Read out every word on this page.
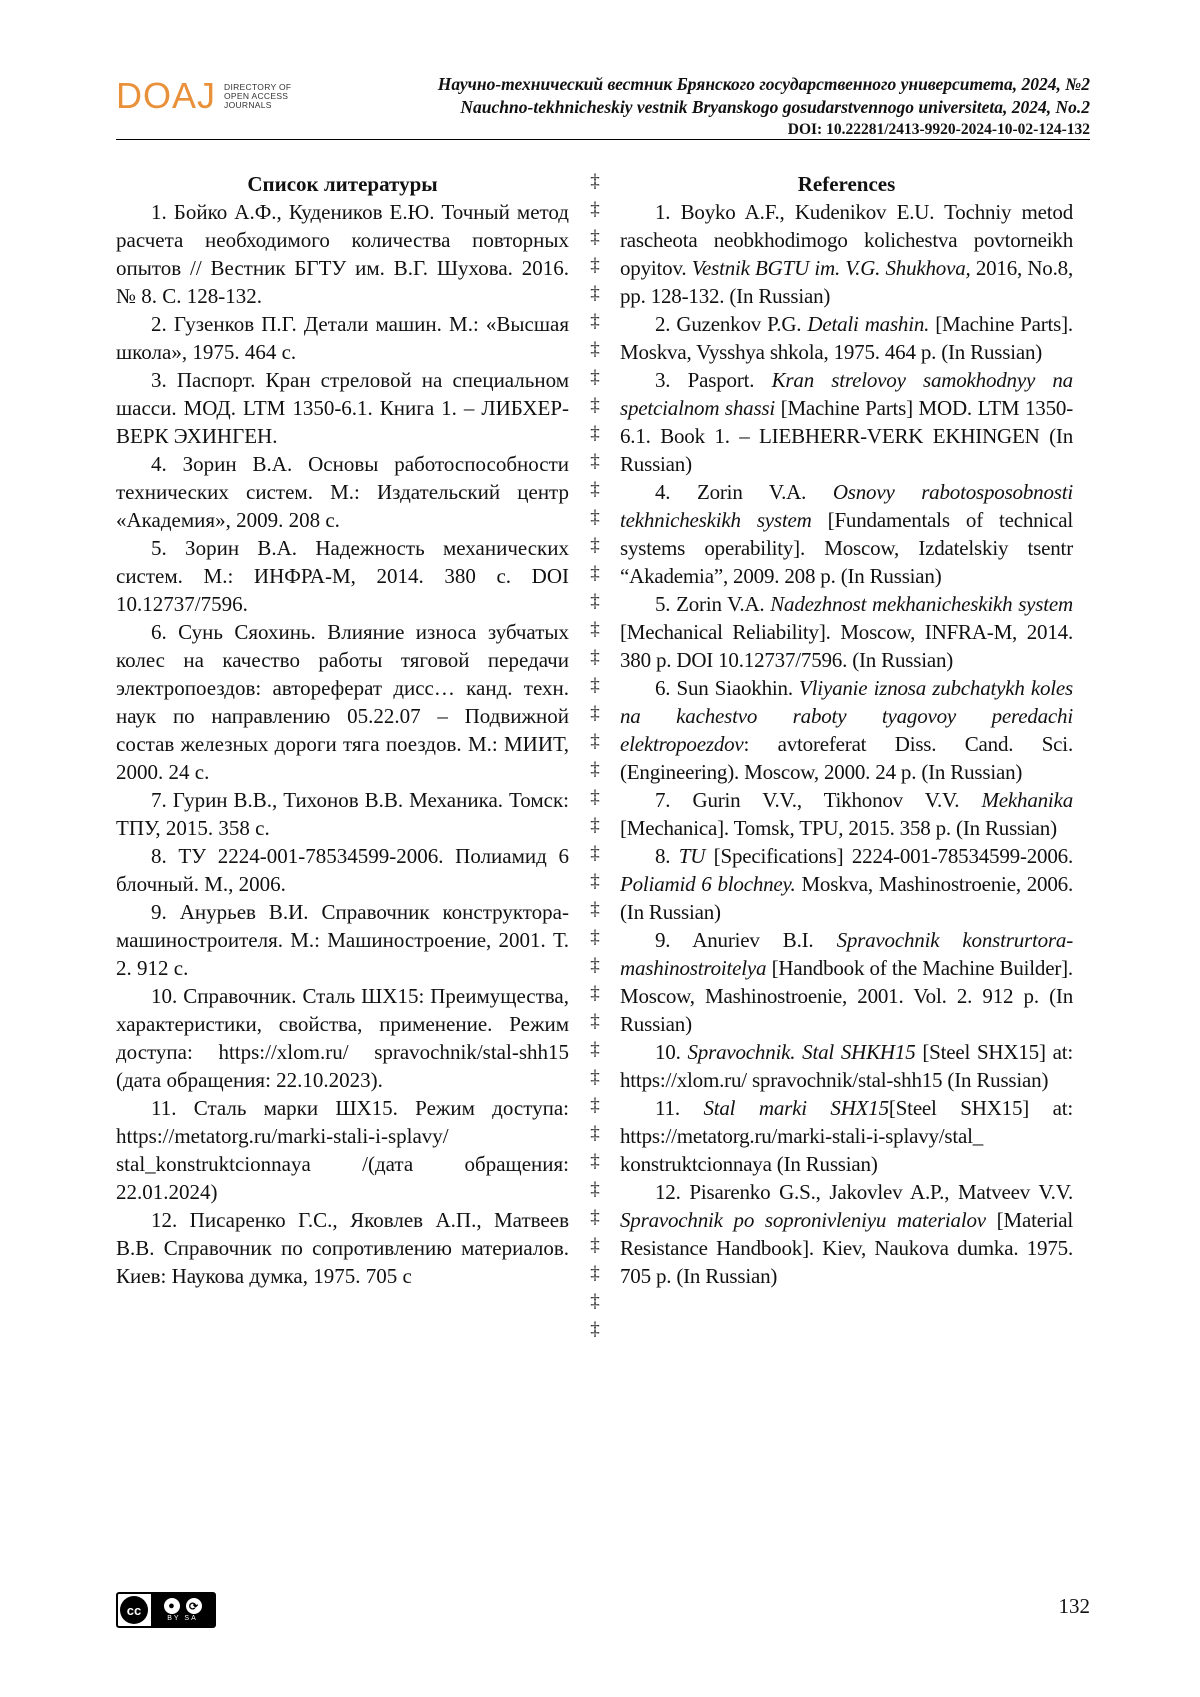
DOAJ DIRECTORY OF
OPEN ACCESS
JOURNALS
Научно-технический вестник Брянского государственного университета, 2024, №2
Nauchno-tekhnicheskiy vestnik Bryanskogo gosudarstvennogo universiteta, 2024, No.2
DOI: 10.22281/2413-9920-2024-10-02-124-132
Список литературы

1. Бойко А.Ф., Кудеников Е.Ю. Точный метод расчета необходимого количества повторных опытов // Вестник БГТУ им. В.Г. Шухова. 2016. № 8. С. 128-132.

2. Гузенков П.Г. Детали машин. М.: «Высшая школа», 1975. 464 с.

3. Паспорт. Кран стреловой на специальном шасси. МОД. LTM 1350-6.1. Книга 1. – ЛИБХЕР-ВЕРК ЭХИНГЕН.

4. Зорин В.А. Основы работоспособности технических систем. М.: Издательский центр «Академия», 2009. 208 с.

5. Зорин В.А. Надежность механических систем. М.: ИНФРА-М, 2014. 380 с. DOI 10.12737/7596.

6. Сунь Сяохинь. Влияние износа зубчатых колес на качество работы тяговой передачи электропоездов: автореферат дисс… канд. техн. наук по направлению 05.22.07 – Подвижной состав железных дороги тяга поездов. М.: МИИТ, 2000. 24 с.

7. Гурин В.В., Тихонов В.В. Механика. Томск: ТПУ, 2015. 358 с.

8. ТУ 2224-001-78534599-2006. Полиамид 6 блочный. М., 2006.

9. Анурьев В.И. Справочник конструктора-машиностроителя. М.: Машиностроение, 2001. Т. 2. 912 с.

10. Справочник. Сталь ШХ15: Преимущества, характеристики, свойства, применение. Режим доступа: https://xlom.ru/ spravochnik/stal-shh15 (дата обращения: 22.10.2023).

11. Сталь марки ШХ15. Режим доступа: https://metatorg.ru/marki-stali-i-splavy/ stal_konstruktcionnaya /(дата обращения: 22.01.2024)

12. Писаренко Г.С., Яковлев А.П., Матвеев В.В. Справочник по сопротивлению материалов. Киев: Наукова думка, 1975. 705 с

‡
‡
‡
‡
‡
‡
‡
‡
‡
‡
‡
‡
‡
‡
‡
‡
‡
‡
‡
‡
‡
‡
‡
‡
‡
‡
‡
‡
‡
‡
‡
‡
‡
‡
‡
‡
‡
‡
‡
‡
‡
‡
References

1. Boyko A.F., Kudenikov E.U. Tochniy metod rascheota neobkhodimogo kolichestva povtorneikh opyitov. Vestnik BGTU im. V.G. Shukhova, 2016, No.8, pp. 128-132. (In Russian)

2. Guzenkov P.G. Detali mashin. [Machine Parts]. Moskva, Vysshya shkola, 1975. 464 p. (In Russian)

3. Pasport. Kran strelovoy samokhodnyy na spetcialnom shassi [Machine Parts] MOD. LTM 1350-6.1. Book 1. – LIEBHERR-VERK EKHINGEN (In Russian)

4. Zorin V.A. Osnovy rabotosposobnosti tekhnicheskikh system [Fundamentals of technical systems operability]. Moscow, Izdatelskiy tsentr “Akademia”, 2009. 208 p. (In Russian)

5. Zorin V.A. Nadezhnost mekhanicheskikh system [Mechanical Reliability]. Moscow, INFRA-M, 2014. 380 p. DOI 10.12737/7596. (In Russian)

6. Sun Siaokhin. Vliyanie iznosa zubchatykh koles na kachestvo raboty tyagovoy peredachi elektropoezdov: avtoreferat Diss. Cand. Sci. (Engineering). Moscow, 2000. 24 p. (In Russian)

7. Gurin V.V., Tikhonov V.V. Mekhanika [Mechanica]. Tomsk, TPU, 2015. 358 p. (In Russian)

8. TU [Specifications] 2224-001-78534599-2006. Poliamid 6 blochney. Moskva, Mashinostroenie, 2006. (In Russian)

9. Anuriev B.I. Spravochnik konstrurtora-mashinostroitelya [Handbook of the Machine Builder]. Moscow, Mashinostroenie, 2001. Vol. 2. 912 p. (In Russian)

10. Spravochnik. Stal SHKH15 [Steel SHX15] at: https://xlom.ru/ spravochnik/stal-shh15 (In Russian)

11. Stal marki SHX15[Steel SHX15] at: https://metatorg.ru/marki-stali-i-splavy/stal_ konstruktcionnaya (In Russian)

12. Pisarenko G.S., Jakovlev A.P., Matveev V.V. Spravochnik po sopronivleniyu materialov [Material Resistance Handbook]. Kiev, Naukova dumka. 1975. 705 p. (In Russian)

cc	●	⟳
BY SA
132
